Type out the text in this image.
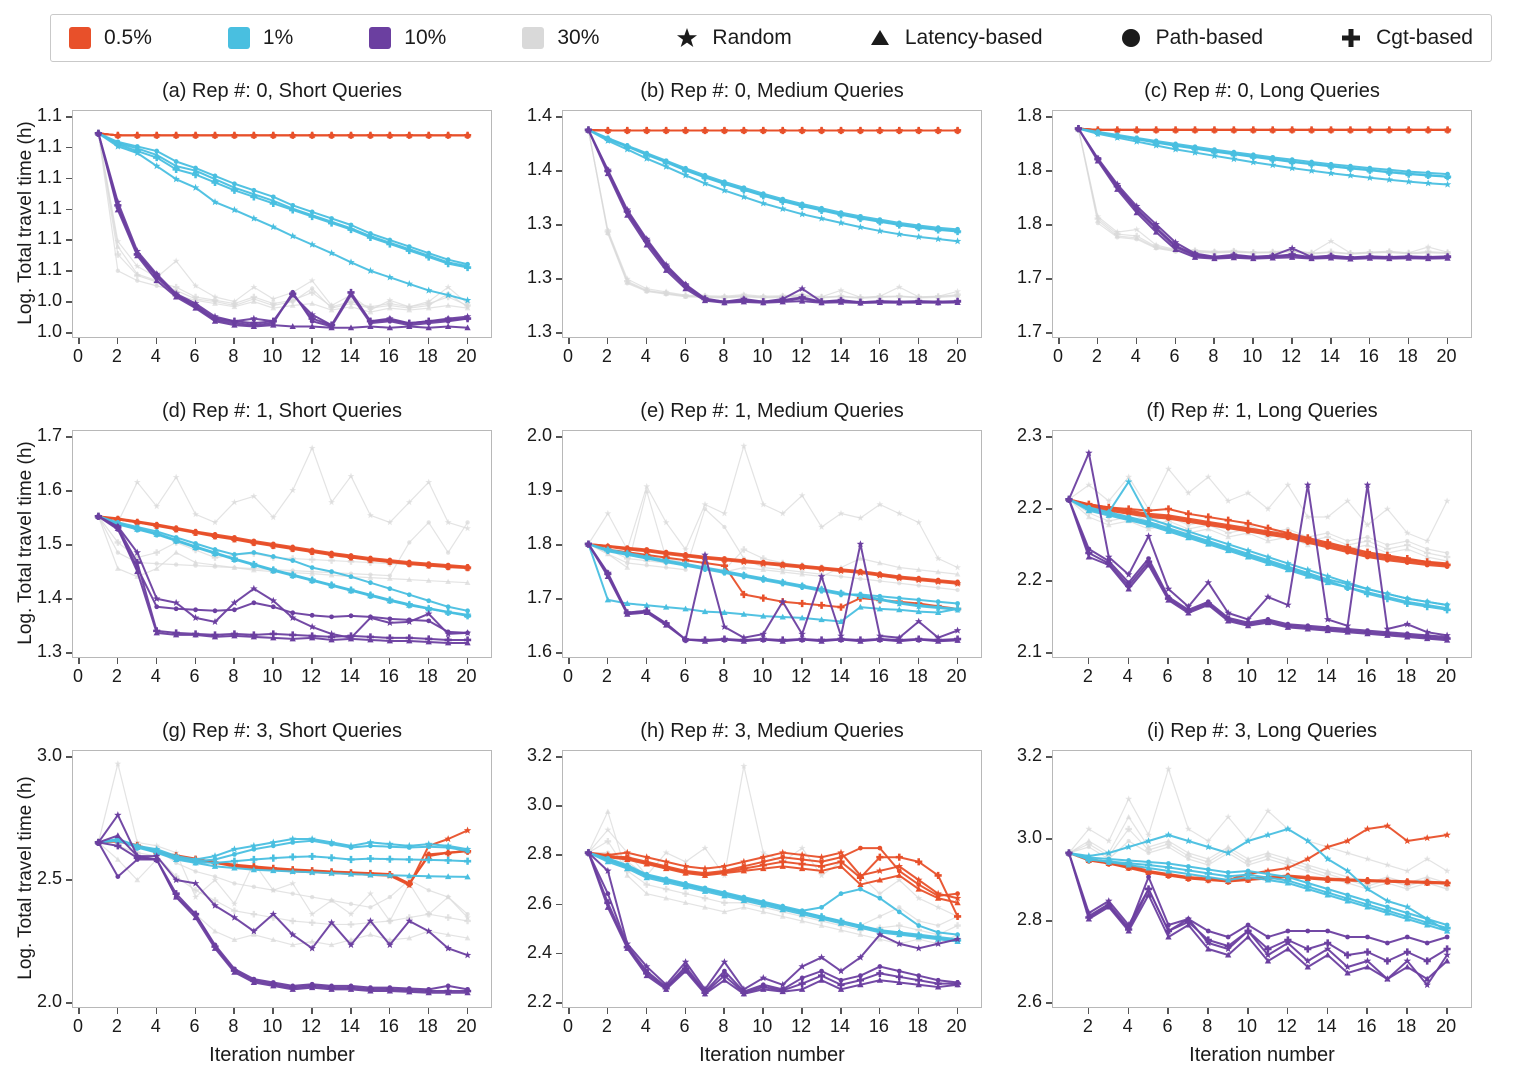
0.5%	1%	10%	30%	Random	Latency-based	Path-based	Cgt-based
(a) Rep #: 0, Short Queries
1.1
1.1
1.1
1.1
1.1
1.1
1.0
1.0
0	2	4	6	8	10	12	14	16	18	20
Log. Total travel time (h)
(b) Rep #: 0, Medium Queries
1.4
1.4
1.3
1.3
1.3
0	2	4	6	8	10	12	14	16	18	20
(c) Rep #: 0, Long Queries
1.8
1.8
1.8
1.7
1.7
0	2	4	6	8	10	12	14	16	18	20
(d) Rep #: 1, Short Queries
1.7
1.6
1.5
1.4
1.3
0	2	4	6	8	10	12	14	16	18	20
Log. Total travel time (h)
(e) Rep #: 1, Medium Queries
2.0
1.9
1.8
1.7
1.6
0	2	4	6	8	10	12	14	16	18	20
(f) Rep #: 1, Long Queries
2.3
2.2
2.2
2.1
2	4	6	8	10	12	14	16	18	20
(g) Rep #: 3, Short Queries
3.0
2.5
2.0
0	2	4	6	8	10	12	14	16	18	20
Log. Total travel time (h)
Iteration number
(h) Rep #: 3, Medium Queries
3.2
3.0
2.8
2.6
2.4
2.2
0	2	4	6	8	10	12	14	16	18	20
Iteration number
(i) Rep #: 3, Long Queries
3.2
3.0
2.8
2.6
2	4	6	8	10	12	14	16	18	20
Iteration number
